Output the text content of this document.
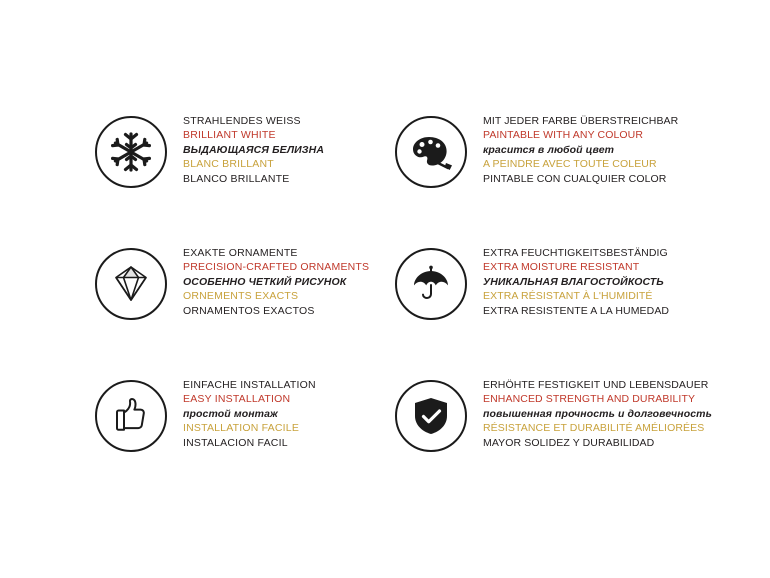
STRAHLENDES WEISS
BRILLIANT WHITE
ВЫДАЮЩАЯСЯ БЕЛИЗНА
BLANC BRILLANT
BLANCO BRILLANTE
MIT JEDER FARBE ÜBERSTREICHBAR
PAINTABLE WITH ANY COLOUR
красится в любой цвет
A PEINDRE AVEC TOUTE COLEUR
PINTABLE CON CUALQUIER COLOR
EXAKTE ORNAMENTE
PRECISION-CRAFTED ORNAMENTS
ОСОБЕННО ЧЕТКИЙ РИСУНОК
ORNEMENTS EXACTS
ORNAMENTOS EXACTOS
EXTRA FEUCHTIGKEITSBESTÄNDIG
EXTRA MOISTURE RESISTANT
УНИКАЛЬНАЯ ВЛАГОСТОЙКОСТЬ
EXTRA RÉSISTANT À L'HUMIDITÉ
EXTRA RESISTENTE A LA HUMEDAD
EINFACHE INSTALLATION
EASY INSTALLATION
простой монтаж
INSTALLATION FACILE
INSTALACION FACIL
ERHÖHTE FESTIGKEIT UND LEBENSDAUER
ENHANCED STRENGTH AND DURABILITY
повышенная прочность и долговечность
RÉSISTANCE ET DURABILITÉ AMÉLIORÉES
MAYOR SOLIDEZ Y DURABILIDAD
